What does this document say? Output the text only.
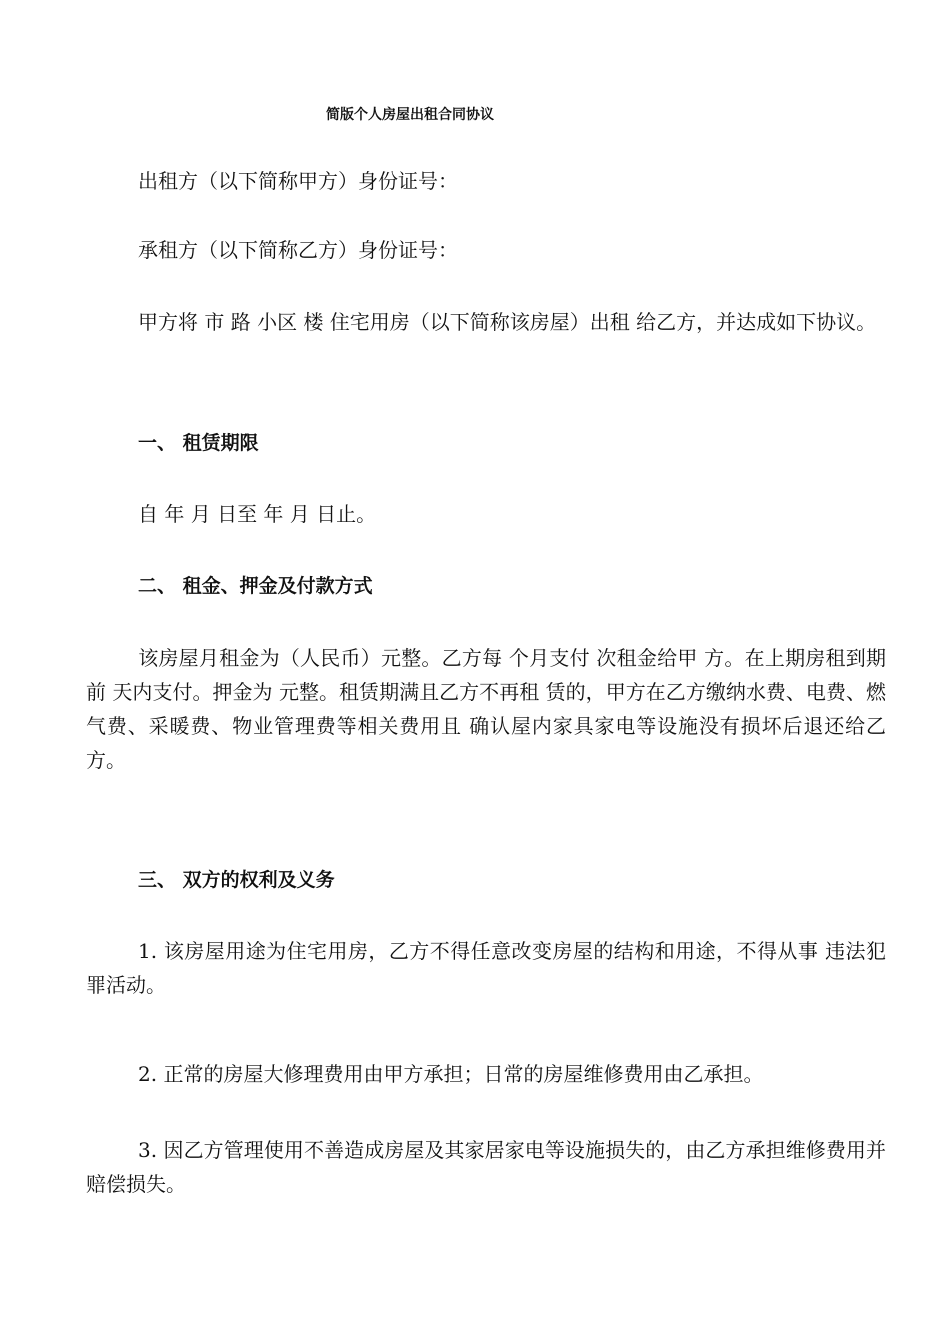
简版个人房屋出租合同协议
出租方（以下简称甲方）身份证号：
承租方（以下简称乙方）身份证号：
甲方将 市 路 小区 楼 住宅用房（以下简称该房屋）出租 给乙方，并达成如下协议。
一、 租赁期限
自 年 月 日至 年 月 日止。
二、 租金、押金及付款方式
该房屋月租金为（人民币）元整。乙方每 个月支付 次租金给甲 方。在上期房租到期前 天内支付。押金为 元整。租赁期满且乙方不再租 赁的，甲方在乙方缴纳水费、电费、燃气费、采暖费、物业管理费等相关费用且 确认屋内家具家电等设施没有损坏后退还给乙方。
三、 双方的权利及义务
1. 该房屋用途为住宅用房，乙方不得任意改变房屋的结构和用途，不得从事 违法犯罪活动。
2. 正常的房屋大修理费用由甲方承担；日常的房屋维修费用由乙承担。
3. 因乙方管理使用不善造成房屋及其家居家电等设施损失的，由乙方承担维修费用并赔偿损失。
